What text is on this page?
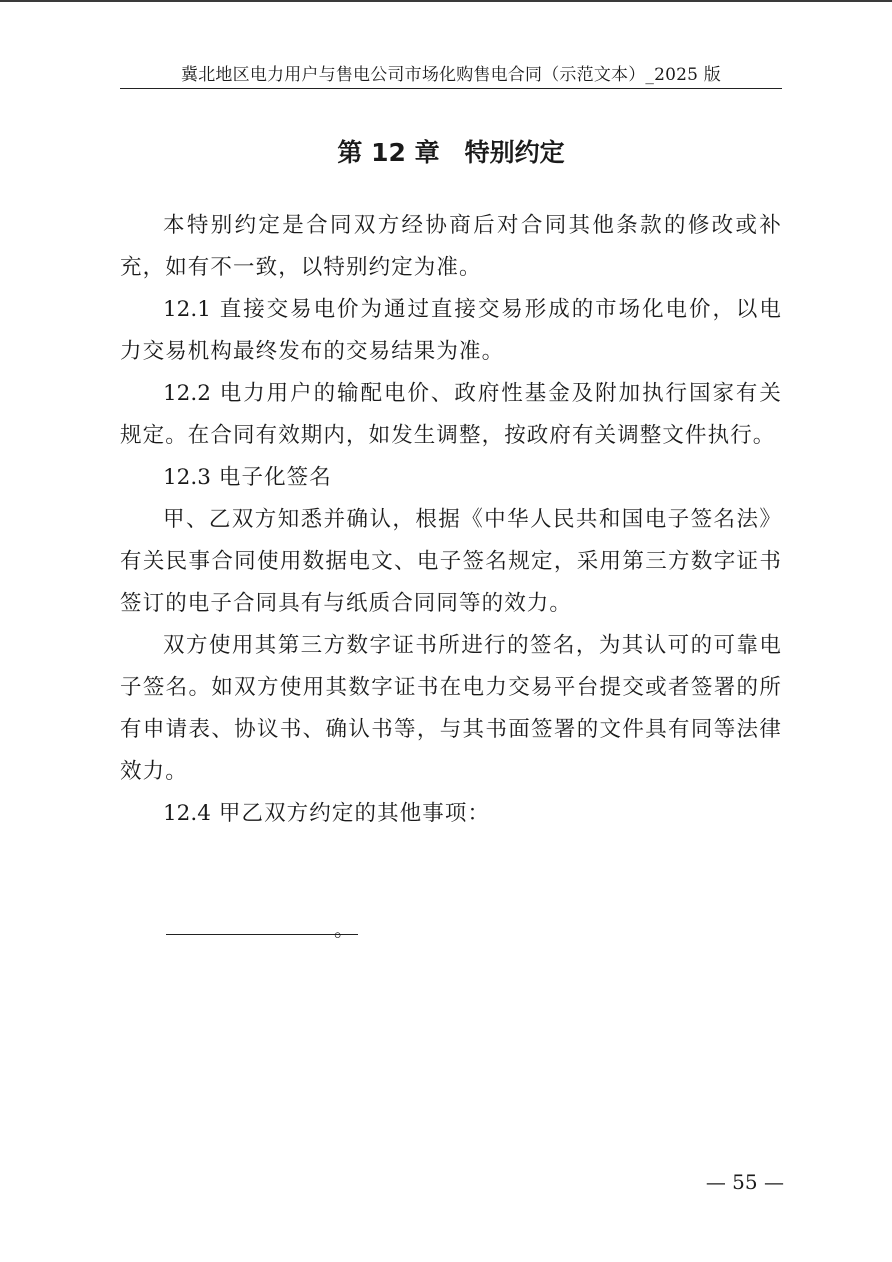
冀北地区电力用户与售电公司市场化购售电合同（示范文本）_2025 版
第 12 章　特别约定

本特别约定是合同双方经协商后对合同其他条款的修改或补充，如有不一致，以特别约定为准。

12.1 直接交易电价为通过直接交易形成的市场化电价，以电力交易机构最终发布的交易结果为准。

12.2 电力用户的输配电价、政府性基金及附加执行国家有关规定。在合同有效期内，如发生调整，按政府有关调整文件执行。

12.3 电子化签名

甲、乙双方知悉并确认，根据《中华人民共和国电子签名法》有关民事合同使用数据电文、电子签名规定，采用第三方数字证书签订的电子合同具有与纸质合同同等的效力。

双方使用其第三方数字证书所进行的签名，为其认可的可靠电子签名。如双方使用其数字证书在电力交易平台提交或者签署的所有申请表、协议书、确认书等，与其书面签署的文件具有同等法律效力。

12.4 甲乙双方约定的其他事项：

。
— 55 —
